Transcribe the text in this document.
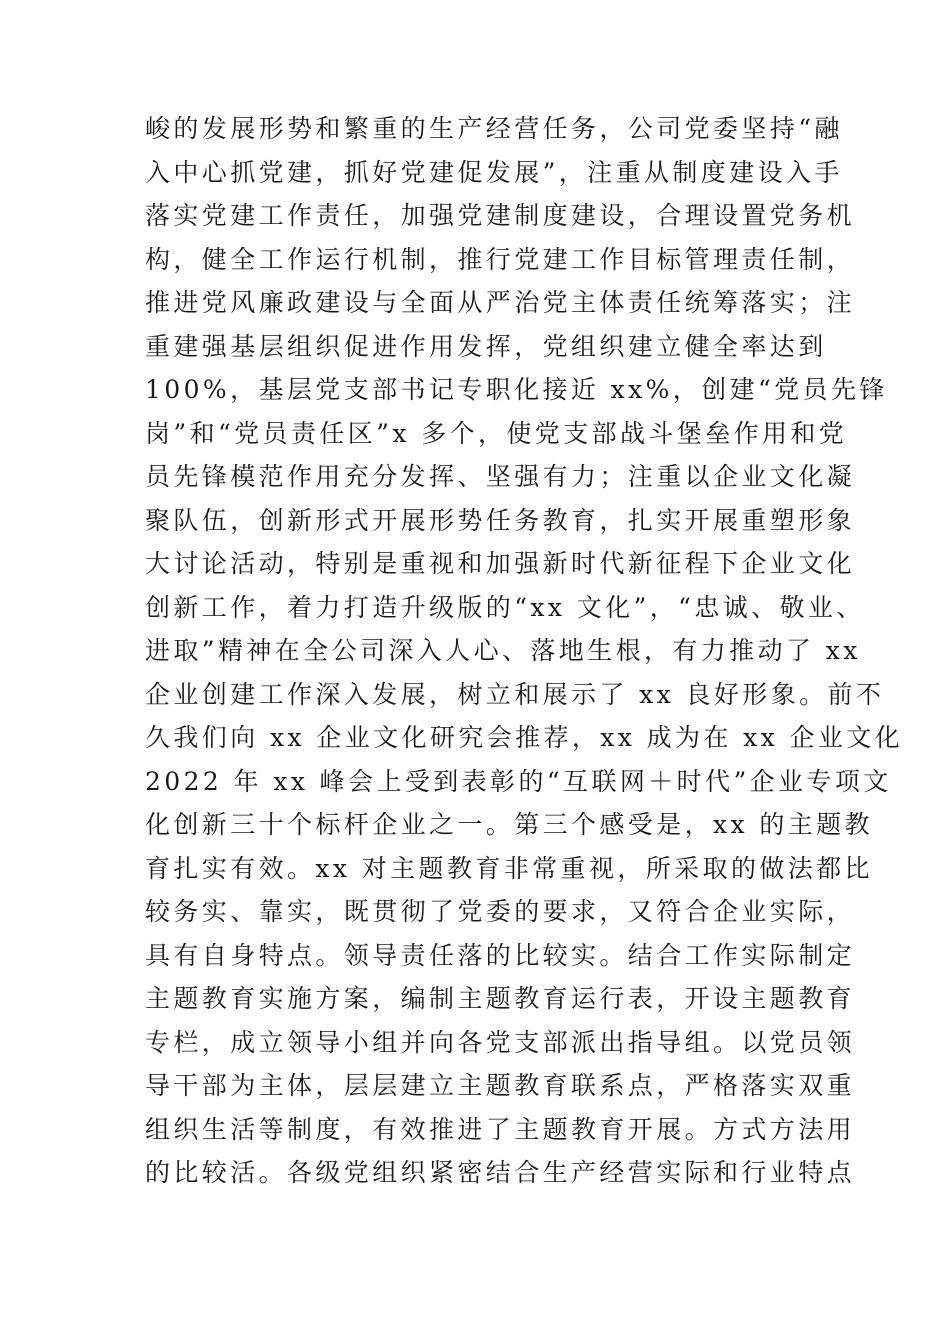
峻的发展形势和繁重的生产经营任务，公司党委坚持“融
入中心抓党建，抓好党建促发展”，注重从制度建设入手
落实党建工作责任，加强党建制度建设，合理设置党务机
构，健全工作运行机制，推行党建工作目标管理责任制，
推进党风廉政建设与全面从严治党主体责任统筹落实；注
重建强基层组织促进作用发挥，党组织建立健全率达到
100%，基层党支部书记专职化接近 xx%，创建“党员先锋
岗”和“党员责任区”x 多个，使党支部战斗堡垒作用和党
员先锋模范作用充分发挥、坚强有力；注重以企业文化凝
聚队伍，创新形式开展形势任务教育，扎实开展重塑形象
大讨论活动，特别是重视和加强新时代新征程下企业文化
创新工作，着力打造升级版的“xx 文化”，“忠诚、敬业、
进取”精神在全公司深入人心、落地生根，有力推动了 xx
企业创建工作深入发展，树立和展示了 xx 良好形象。前不
久我们向 xx 企业文化研究会推荐，xx 成为在 xx 企业文化
2022 年 xx 峰会上受到表彰的“互联网＋时代”企业专项文
化创新三十个标杆企业之一。第三个感受是，xx 的主题教
育扎实有效。xx 对主题教育非常重视，所采取的做法都比
较务实、靠实，既贯彻了党委的要求，又符合企业实际，
具有自身特点。领导责任落的比较实。结合工作实际制定
主题教育实施方案，编制主题教育运行表，开设主题教育
专栏，成立领导小组并向各党支部派出指导组。以党员领
导干部为主体，层层建立主题教育联系点，严格落实双重
组织生活等制度，有效推进了主题教育开展。方式方法用
的比较活。各级党组织紧密结合生产经营实际和行业特点
